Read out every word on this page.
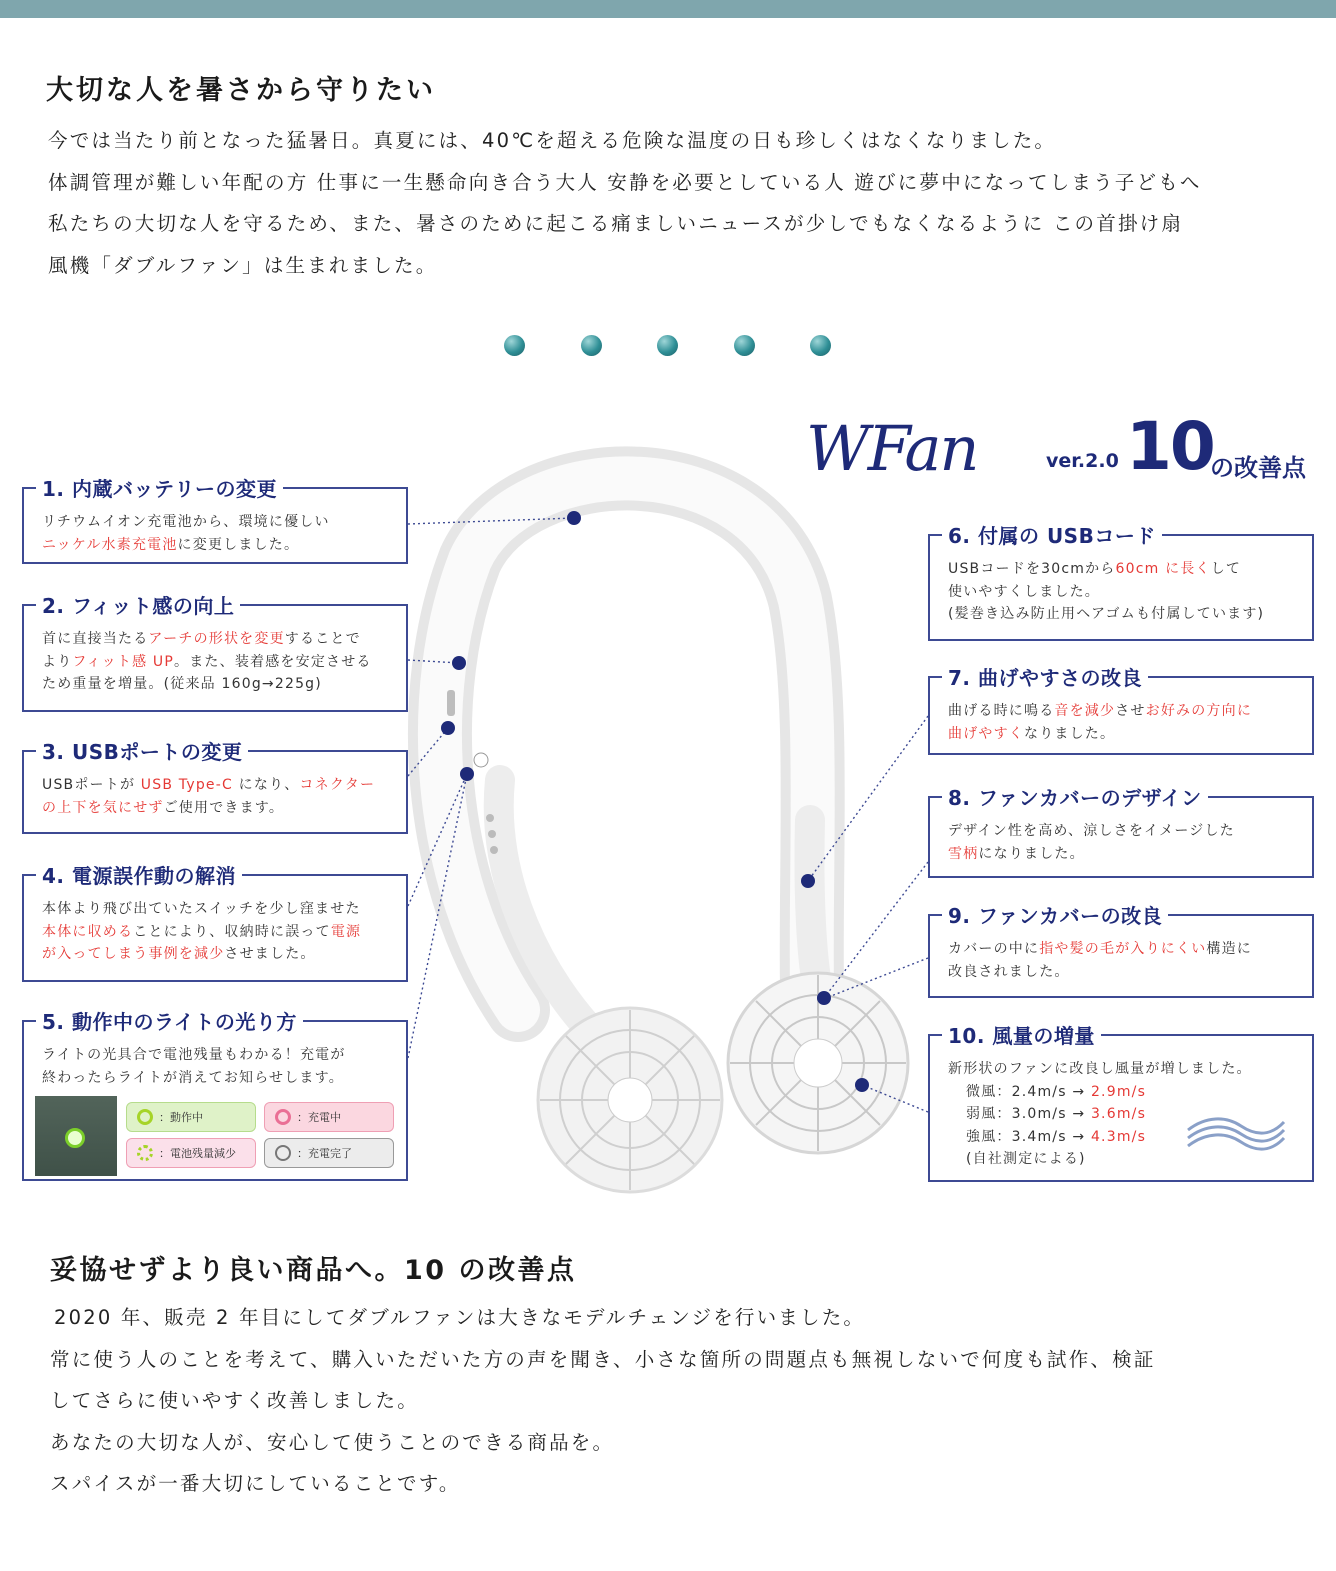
大切な人を暑さから守りたい

今では当たり前となった猛暑日。真夏には、40℃を超える危険な温度の日も珍しくはなくなりました。

体調管理が難しい年配の方 仕事に一生懸命向き合う大人 安静を必要としている人 遊びに夢中になってしまう子どもへ

私たちの大切な人を守るため、また、暑さのために起こる痛ましいニュースが少しでもなくなるように この首掛け扇

風機「ダブルファン」は生まれました。

WFan	ver.2.0 10
の改善点
1. 内蔵バッテリーの変更

リチウムイオン充電池から、環境に優しい

ニッケル水素充電池に変更しました。

2. フィット感の向上

首に直接当たるアーチの形状を変更することで

よりフィット感 UP。また、装着感を安定させる

ため重量を増量。(従来品 160g→225g)

3. USBポートの変更

USBポートが USB Type-C になり、コネクター

の上下を気にせずご使用できます。

4. 電源誤作動の解消

本体より飛び出ていたスイッチを少し窪ませた

本体に収めることにより、収納時に誤って電源

が入ってしまう事例を減少させました。

5. 動作中のライトの光り方

ライトの光具合で電池残量もわかる！充電が

終わったらライトが消えてお知らせします。

：動作中	：充電中
：電池残量減少	：充電完了
6. 付属の USBコード

USBコードを30cmから60cm に長くして

使いやすくしました。

(髪巻き込み防止用ヘアゴムも付属しています)

7. 曲げやすさの改良

曲げる時に鳴る音を減少させお好みの方向に

曲げやすくなりました。

8. ファンカバーのデザイン

デザイン性を高め、涼しさをイメージした

雪柄になりました。

9. ファンカバーの改良

カバーの中に指や髪の毛が入りにくい構造に

改良されました。

10. 風量の増量

新形状のファンに改良し風量が増しました。

微風：2.4m/s → 2.9m/s

弱風：3.0m/s → 3.6m/s

強風：3.4m/s → 4.3m/s

(自社測定による)

妥協せずより良い商品へ。10 の改善点

2020 年、販売 2 年目にしてダブルファンは大きなモデルチェンジを行いました。

常に使う人のことを考えて、購入いただいた方の声を聞き、小さな箇所の問題点も無視しないで何度も試作、検証

してさらに使いやすく改善しました。

あなたの大切な人が、安心して使うことのできる商品を。

スパイスが一番大切にしていることです。
